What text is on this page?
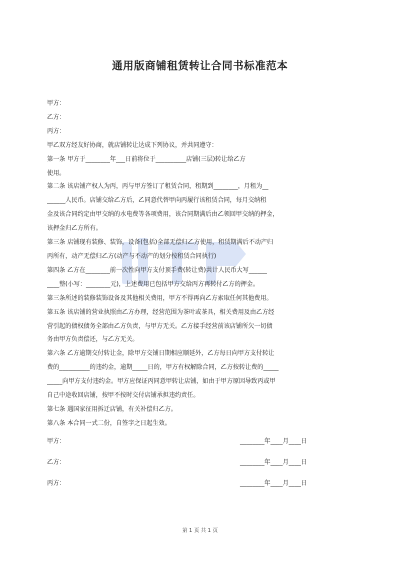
通用版商铺租赁转让合同书标准范本
甲方：
乙方：
丙方：
甲乙双方经友好协商，就店铺转让达成下列协议，并共同遵守：
第一条 甲方于________年___日前将位于__________店铺(三层)转让给乙方
使用。
第二条 该店铺产权人为丙，丙与甲方签订了租赁合同，租期到________，月租为__
______人民币。店铺交给乙方后，乙同意代替甲向丙履行该租赁合同，每月交纳租
金及该合同约定由甲交纳的水电费等各项费用，该合同期满后由乙领回甲交纳的押金，
该押金归乙方所有。
第三条 店铺现有装修、装饰，设备(包括)全部无偿归乙方使用，租赁期满后不动产归
丙所有，动产无偿归乙方(动产与不动产的划分按租赁合同执行)
第四条 乙方在________前一次性向甲方支付顶手费(转让费)共计人民币大写______
____整(小写：________元)，上述费用已包括甲方交给丙方再转付乙方的押金。
第三条所述的装修装饰设备及其他相关费用，甲方不得再向乙方索取任何其他费用。
第五条 该店铺的营业执照由乙方办理，经营范围为茶叶或茶具，相关费用及由乙方经
营引起的债权债务全部由乙方负责，与甲方无关。乙方接手经营前该店铺所欠一切债
务由甲方负责偿还，与乙方无关。
第六条 乙方逾期交付转让金，除甲方交铺日期相应顺延外，乙方每日向甲方支付转让
费的__________的违约金，逾期_____日的，甲方有权解除合同，乙方按转让费的_____
_____向甲方支付违约金。甲方应保证丙同意甲转让店铺，如由于甲方原因导致丙或甲
自己中途收回店铺，按甲不按时交付店铺承担违约责任。
第七条 遇国家征用拆迁店铺，有关补偿归乙方。
第八条 本合同一式二份，自签字之日起生效。
甲方：	________年____月____日
乙方：	________年____月____日
丙方：	________年____月____日
第 1 页 共 1 页
